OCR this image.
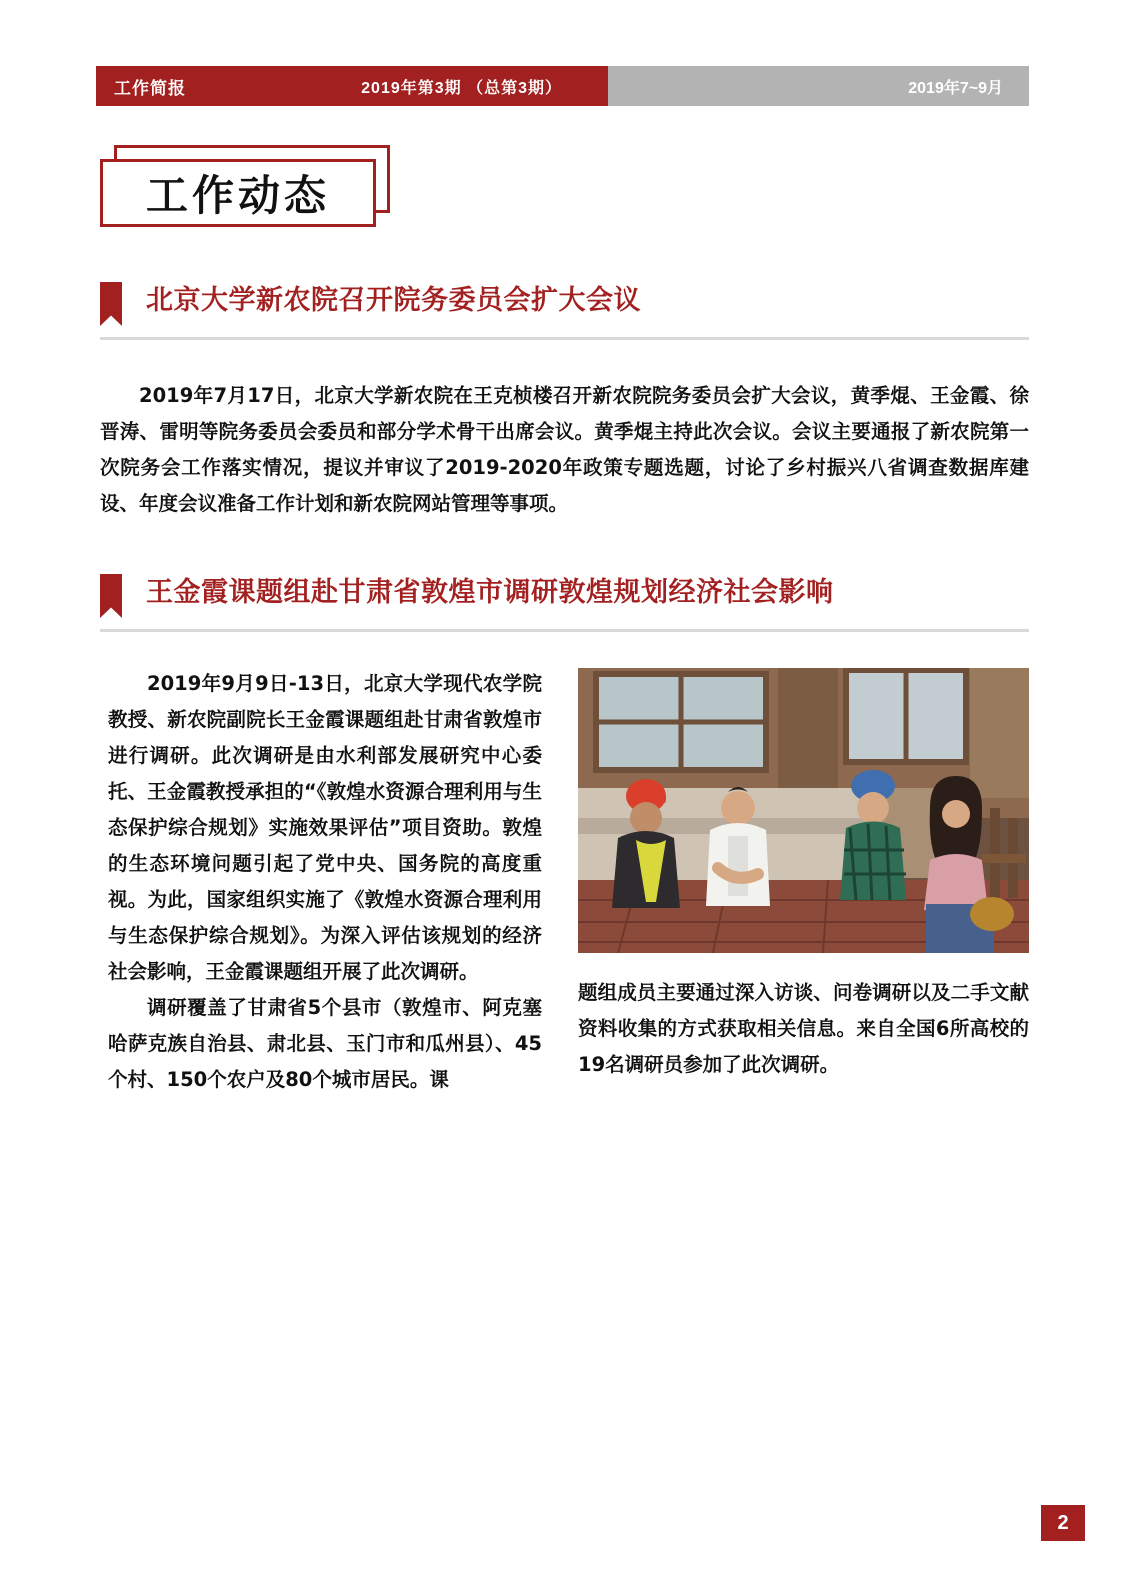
工作简报	2019年第3期 （总第3期）	2019年7~9月
工作动态
北京大学新农院召开院务委员会扩大会议
2019年7月17日，北京大学新农院在王克桢楼召开新农院院务委员会扩大会议，黄季焜、王金霞、徐晋涛、雷明等院务委员会委员和部分学术骨干出席会议。黄季焜主持此次会议。会议主要通报了新农院第一次院务会工作落实情况，提议并审议了2019-2020年政策专题选题，讨论了乡村振兴八省调查数据库建设、年度会议准备工作计划和新农院网站管理等事项。
王金霞课题组赴甘肃省敦煌市调研敦煌规划经济社会影响
2019年9月9日-13日，北京大学现代农学院教授、新农院副院长王金霞课题组赴甘肃省敦煌市进行调研。此次调研是由水利部发展研究中心委托、王金霞教授承担的“《敦煌水资源合理利用与生态保护综合规划》实施效果评估”项目资助。敦煌的生态环境问题引起了党中央、国务院的高度重视。为此，国家组织实施了《敦煌水资源合理利用与生态保护综合规划》。为深入评估该规划的经济社会影响，王金霞课题组开展了此次调研。
调研覆盖了甘肃省5个县市（敦煌市、阿克塞哈萨克族自治县、肃北县、玉门市和瓜州县）、45个村、150个农户及80个城市居民。课
题组成员主要通过深入访谈、问卷调研以及二手文献资料收集的方式获取相关信息。来自全国6所高校的19名调研员参加了此次调研。
2
